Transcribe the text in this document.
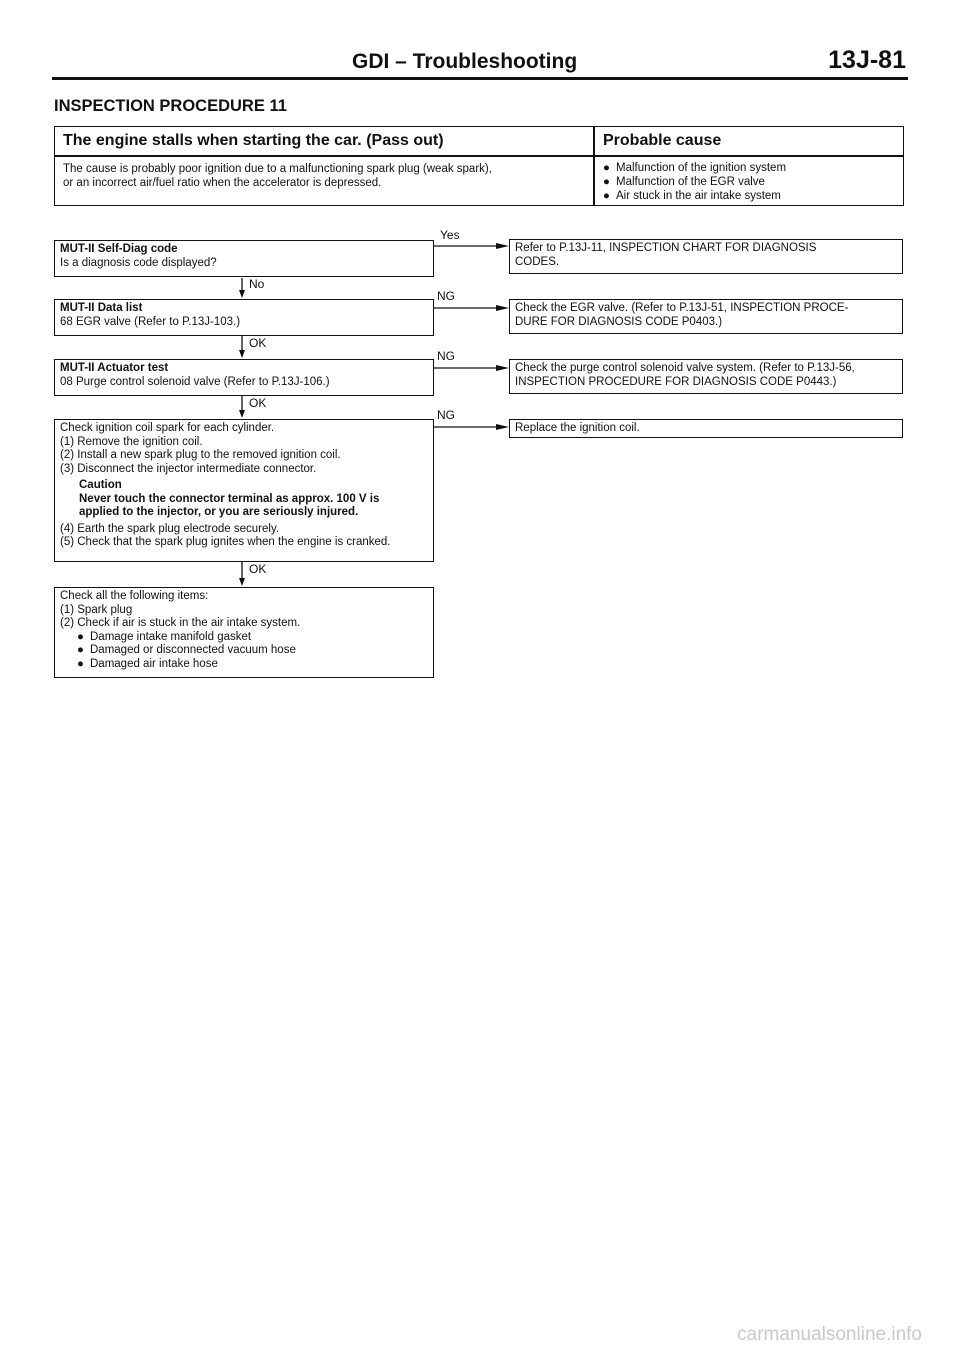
GDI – Troubleshooting	13J-81
INSPECTION PROCEDURE 11
The engine stalls when starting the car. (Pass out)	Probable cause
The cause is probably poor ignition due to a malfunctioning spark plug (weak spark),
or an incorrect air/fuel ratio when the accelerator is depressed.
● Malfunction of the ignition system
● Malfunction of the EGR valve
● Air stuck in the air intake system
Yes
No
NG
OK
NG
OK
NG
OK
MUT-II Self-Diag code
Is a diagnosis code displayed?
Refer to P.13J-11, INSPECTION CHART FOR DIAGNOSIS
CODES.
MUT-II Data list
68 EGR valve (Refer to P.13J-103.)
Check the EGR valve. (Refer to P.13J-51, INSPECTION PROCE-
DURE FOR DIAGNOSIS CODE P0403.)
MUT-II Actuator test
08 Purge control solenoid valve (Refer to P.13J-106.)
Check the purge control solenoid valve system. (Refer to P.13J-56,
INSPECTION PROCEDURE FOR DIAGNOSIS CODE P0443.)
Check ignition coil spark for each cylinder.
(1) Remove the ignition coil.
(2) Install a new spark plug to the removed ignition coil.
(3) Disconnect the injector intermediate connector.
Caution
Never touch the connector terminal as approx. 100 V is
applied to the injector, or you are seriously injured.
(4) Earth the spark plug electrode securely.
(5) Check that the spark plug ignites when the engine is cranked.
Replace the ignition coil.
Check all the following items:
(1) Spark plug
(2) Check if air is stuck in the air intake system.
● Damage intake manifold gasket
● Damaged or disconnected vacuum hose
● Damaged air intake hose
carmanualsonline.info
